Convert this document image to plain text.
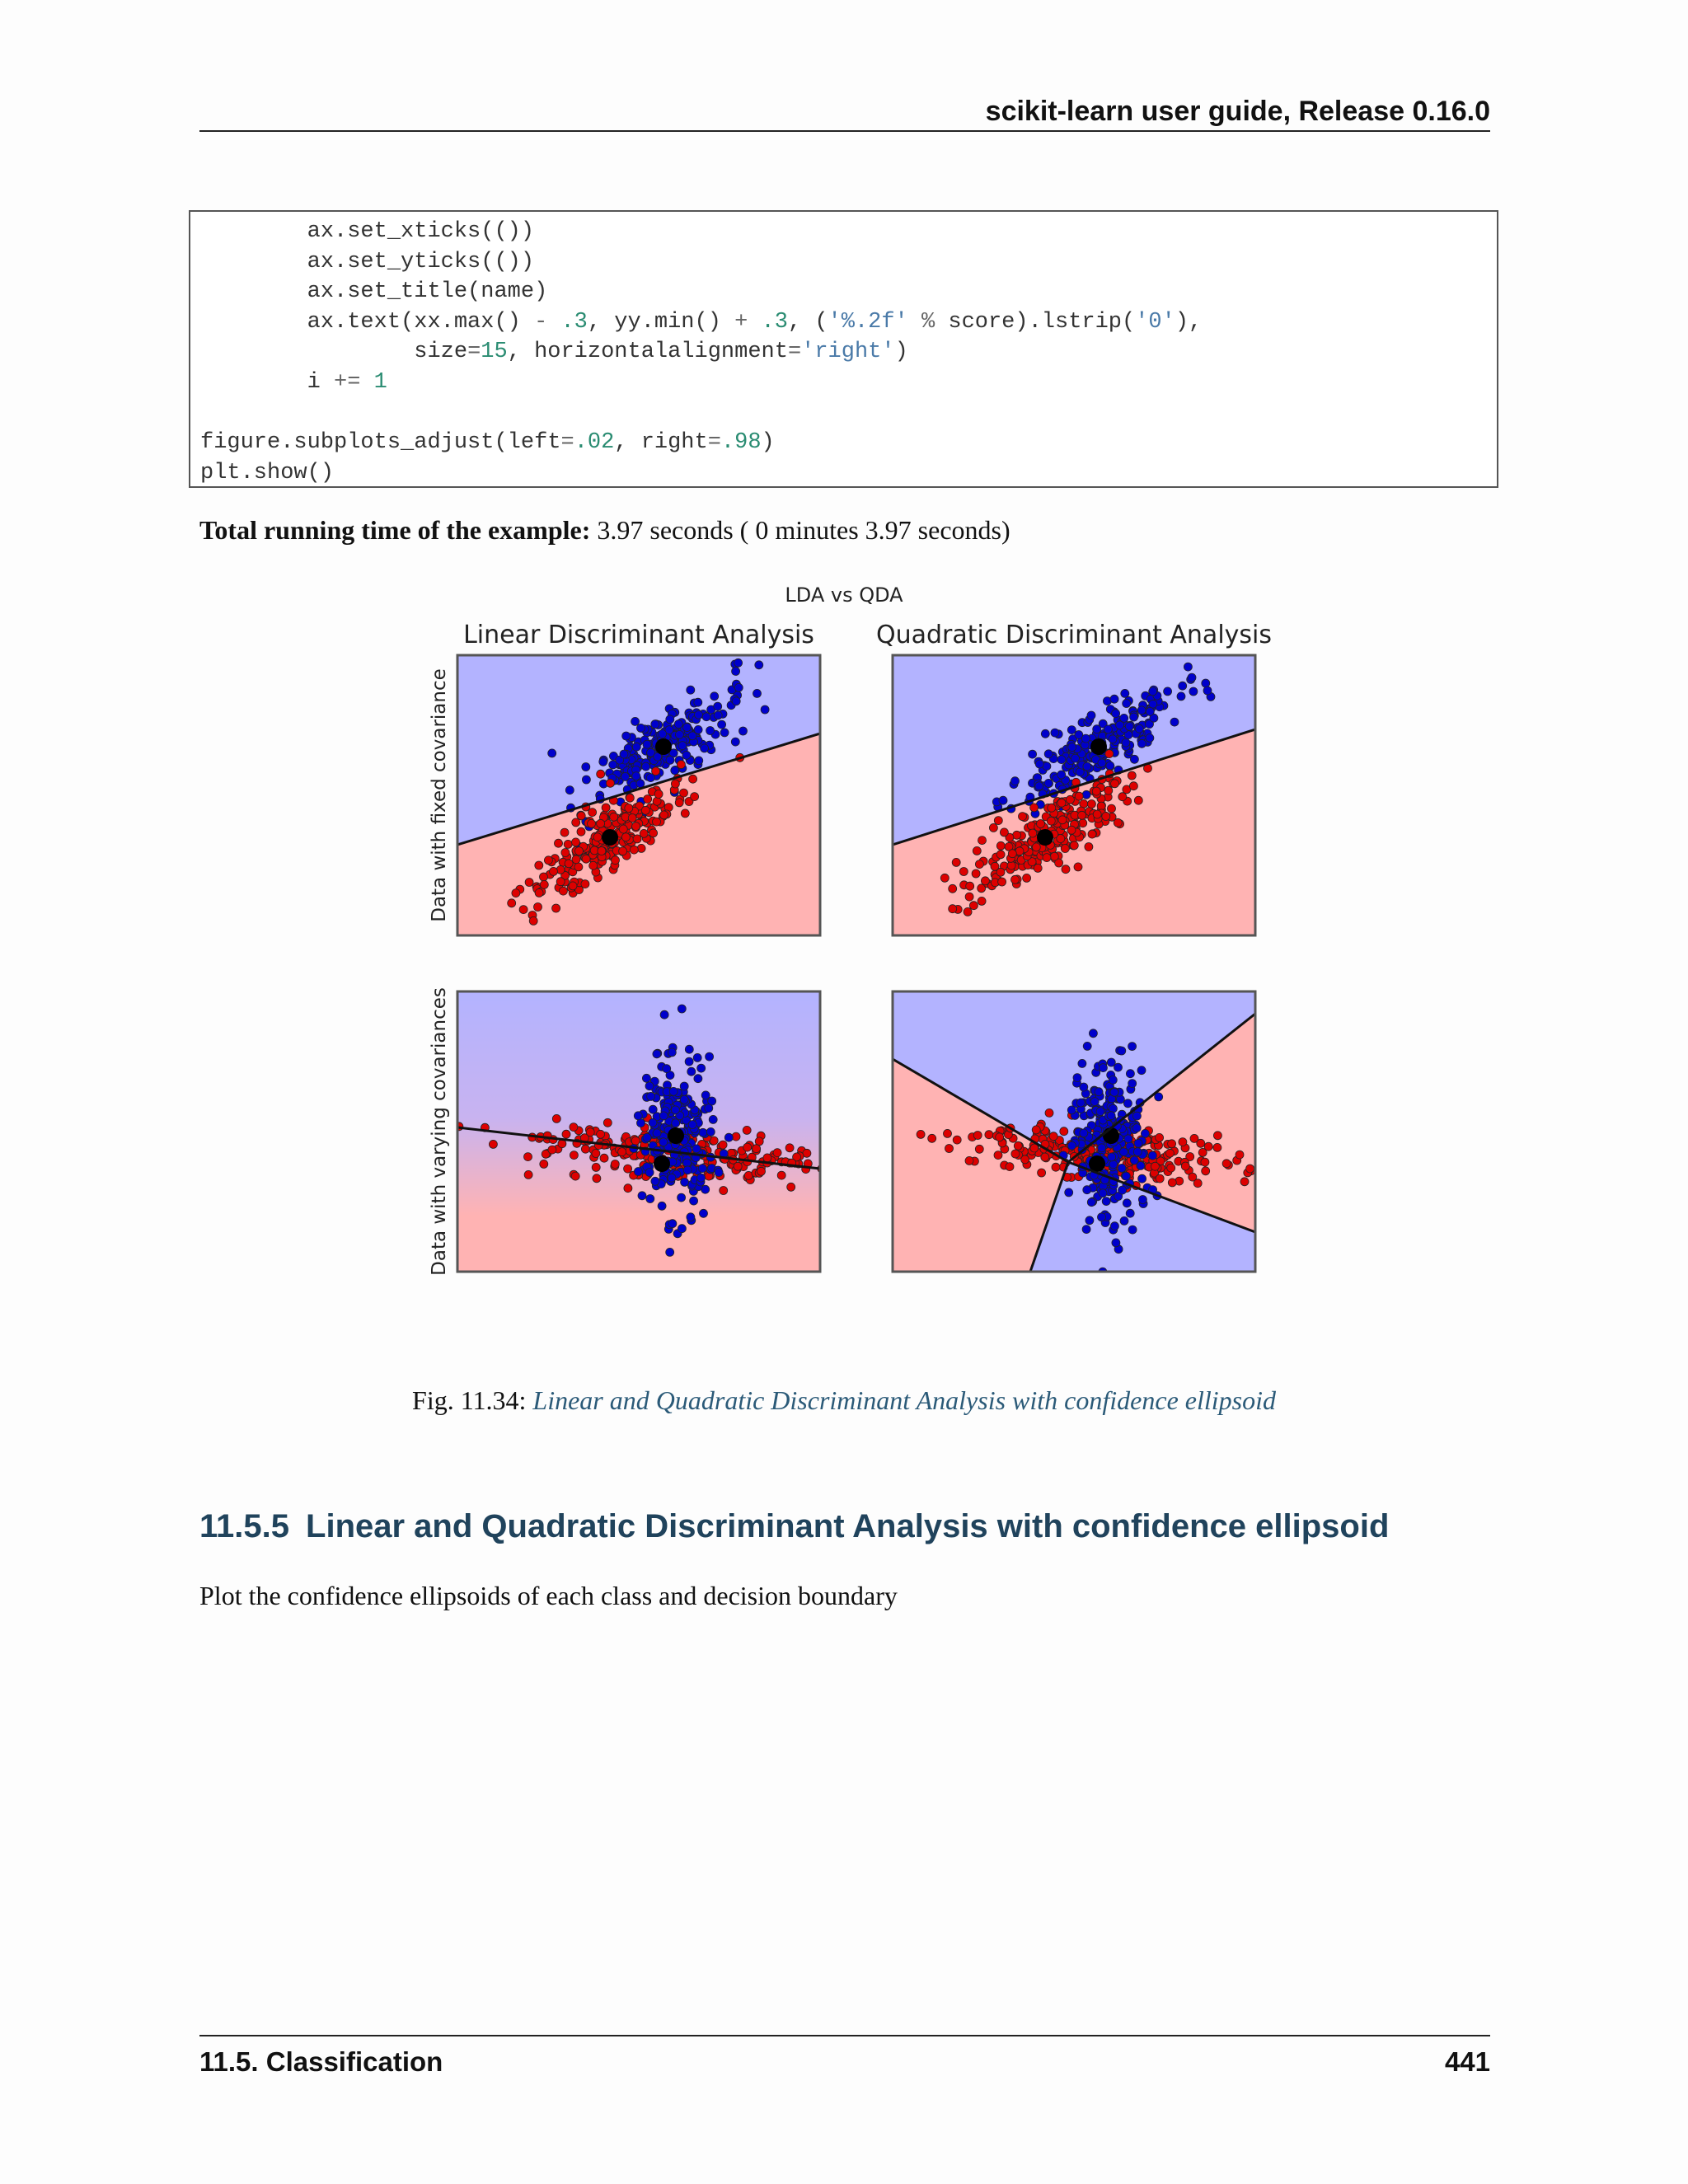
scikit-learn user guide, Release 0.16.0
ax.set_xticks(())
ax.set_yticks(())
ax.set_title(name)
ax.text(xx.max() - .3, yy.min() + .3, ('%.2f' % score).lstrip('0'),
size=15, horizontalalignment='right')
i += 1

figure.subplots_adjust(left=.02, right=.98)
plt.show()
Total running time of the example: 3.97 seconds ( 0 minutes 3.97 seconds)
LDA vs QDA
Linear Discriminant Analysis	Quadratic Discriminant Analysis
Data with fixed covariance
Data with varying covariances
Fig. 11.34: Linear and Quadratic Discriminant Analysis with confidence ellipsoid
11.5.5 Linear and Quadratic Discriminant Analysis with confidence ellipsoid

Plot the confidence ellipsoids of each class and decision boundary

11.5. Classification	441
